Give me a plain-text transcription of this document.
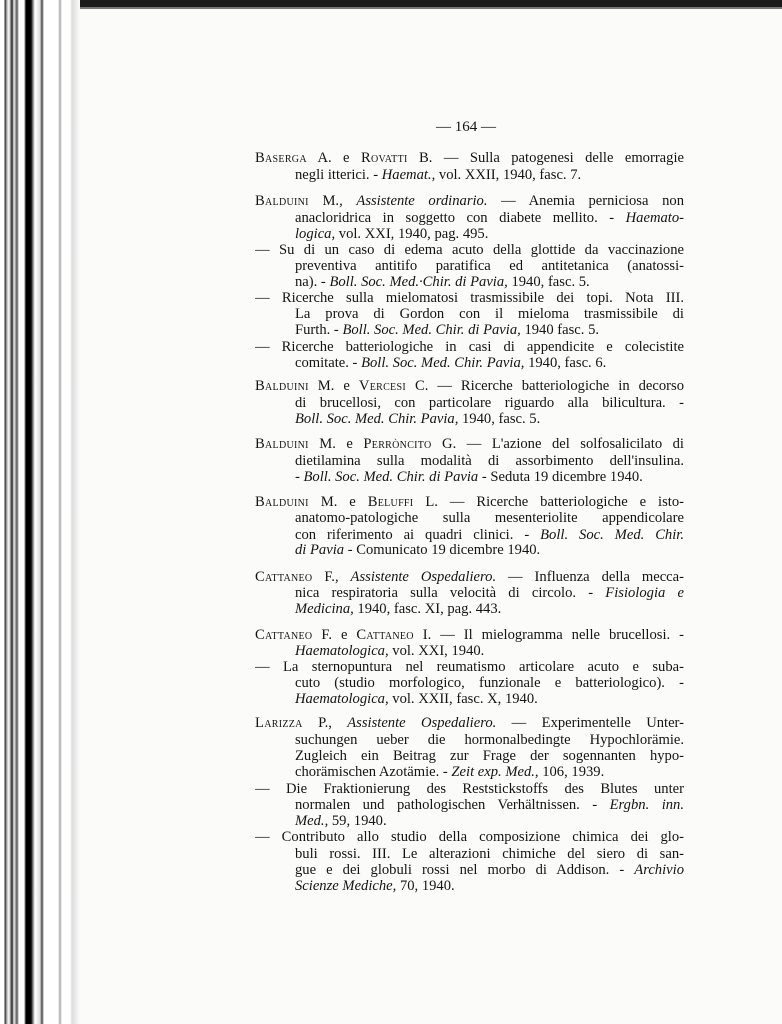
— 164 —
Baserga A. e Rovatti B. — Sulla patogenesi delle emorragie
negli itterici. - Haemat., vol. XXII, 1940, fasc. 7.
Balduini M., Assistente ordinario. — Anemia perniciosa non
anacloridrica in soggetto con diabete mellito. - Haemato-
logica, vol. XXI, 1940, pag. 495.
— Su di un caso di edema acuto della glottide da vaccinazione
preventiva antitifo paratifica ed antitetanica (anatossi-
na). - Boll. Soc. Med.·Chir. di Pavia, 1940, fasc. 5.
— Ricerche sulla mielomatosi trasmissibile dei topi. Nota III.
La prova di Gordon con il mieloma trasmissibile di
Furth. - Boll. Soc. Med. Chir. di Pavia, 1940 fasc. 5.
— Ricerche batteriologiche in casi di appendicite e colecistite
comitate. - Boll. Soc. Med. Chir. Pavia, 1940, fasc. 6.
Balduini M. e Vercesi C. — Ricerche batteriologiche in decorso
di brucellosi, con particolare riguardo alla bilicultura. -
Boll. Soc. Med. Chir. Pavia, 1940, fasc. 5.
Balduini M. e Perròncito G. — L'azione del solfosalicilato di
dietilamina sulla modalità di assorbimento dell'insulina.
- Boll. Soc. Med. Chir. di Pavia - Seduta 19 dicembre 1940.
Balduini M. e Beluffi L. — Ricerche batteriologiche e isto-
anatomo-patologiche sulla mesenteriolite appendicolare
con riferimento ai quadri clinici. - Boll. Soc. Med. Chir.
di Pavia - Comunicato 19 dicembre 1940.
Cattaneo F., Assistente Ospedaliero. — Influenza della mecca-
nica respiratoria sulla velocità di circolo. - Fisiologia e
Medicina, 1940, fasc. XI, pag. 443.
Cattaneo F. e Cattaneo I. — Il mielogramma nelle brucellosi. -
Haematologica, vol. XXI, 1940.
— La sternopuntura nel reumatismo articolare acuto e suba-
cuto (studio morfologico, funzionale e batteriologico). -
Haematologica, vol. XXII, fasc. X, 1940.
Larizza P., Assistente Ospedaliero. — Experimentelle Unter-
suchungen ueber die hormonalbedingte Hypochlorämie.
Zugleich ein Beitrag zur Frage der sogennanten hypo-
chorämischen Azotämie. - Zeit exp. Med., 106, 1939.
— Die Fraktionierung des Reststickstoffs des Blutes unter
normalen und pathologischen Verhältnissen. - Ergbn. inn.
Med., 59, 1940.
— Contributo allo studio della composizione chimica dei glo-
buli rossi. III. Le alterazioni chimiche del siero di san-
gue e dei globuli rossi nel morbo di Addison. - Archivio
Scienze Mediche, 70, 1940.
